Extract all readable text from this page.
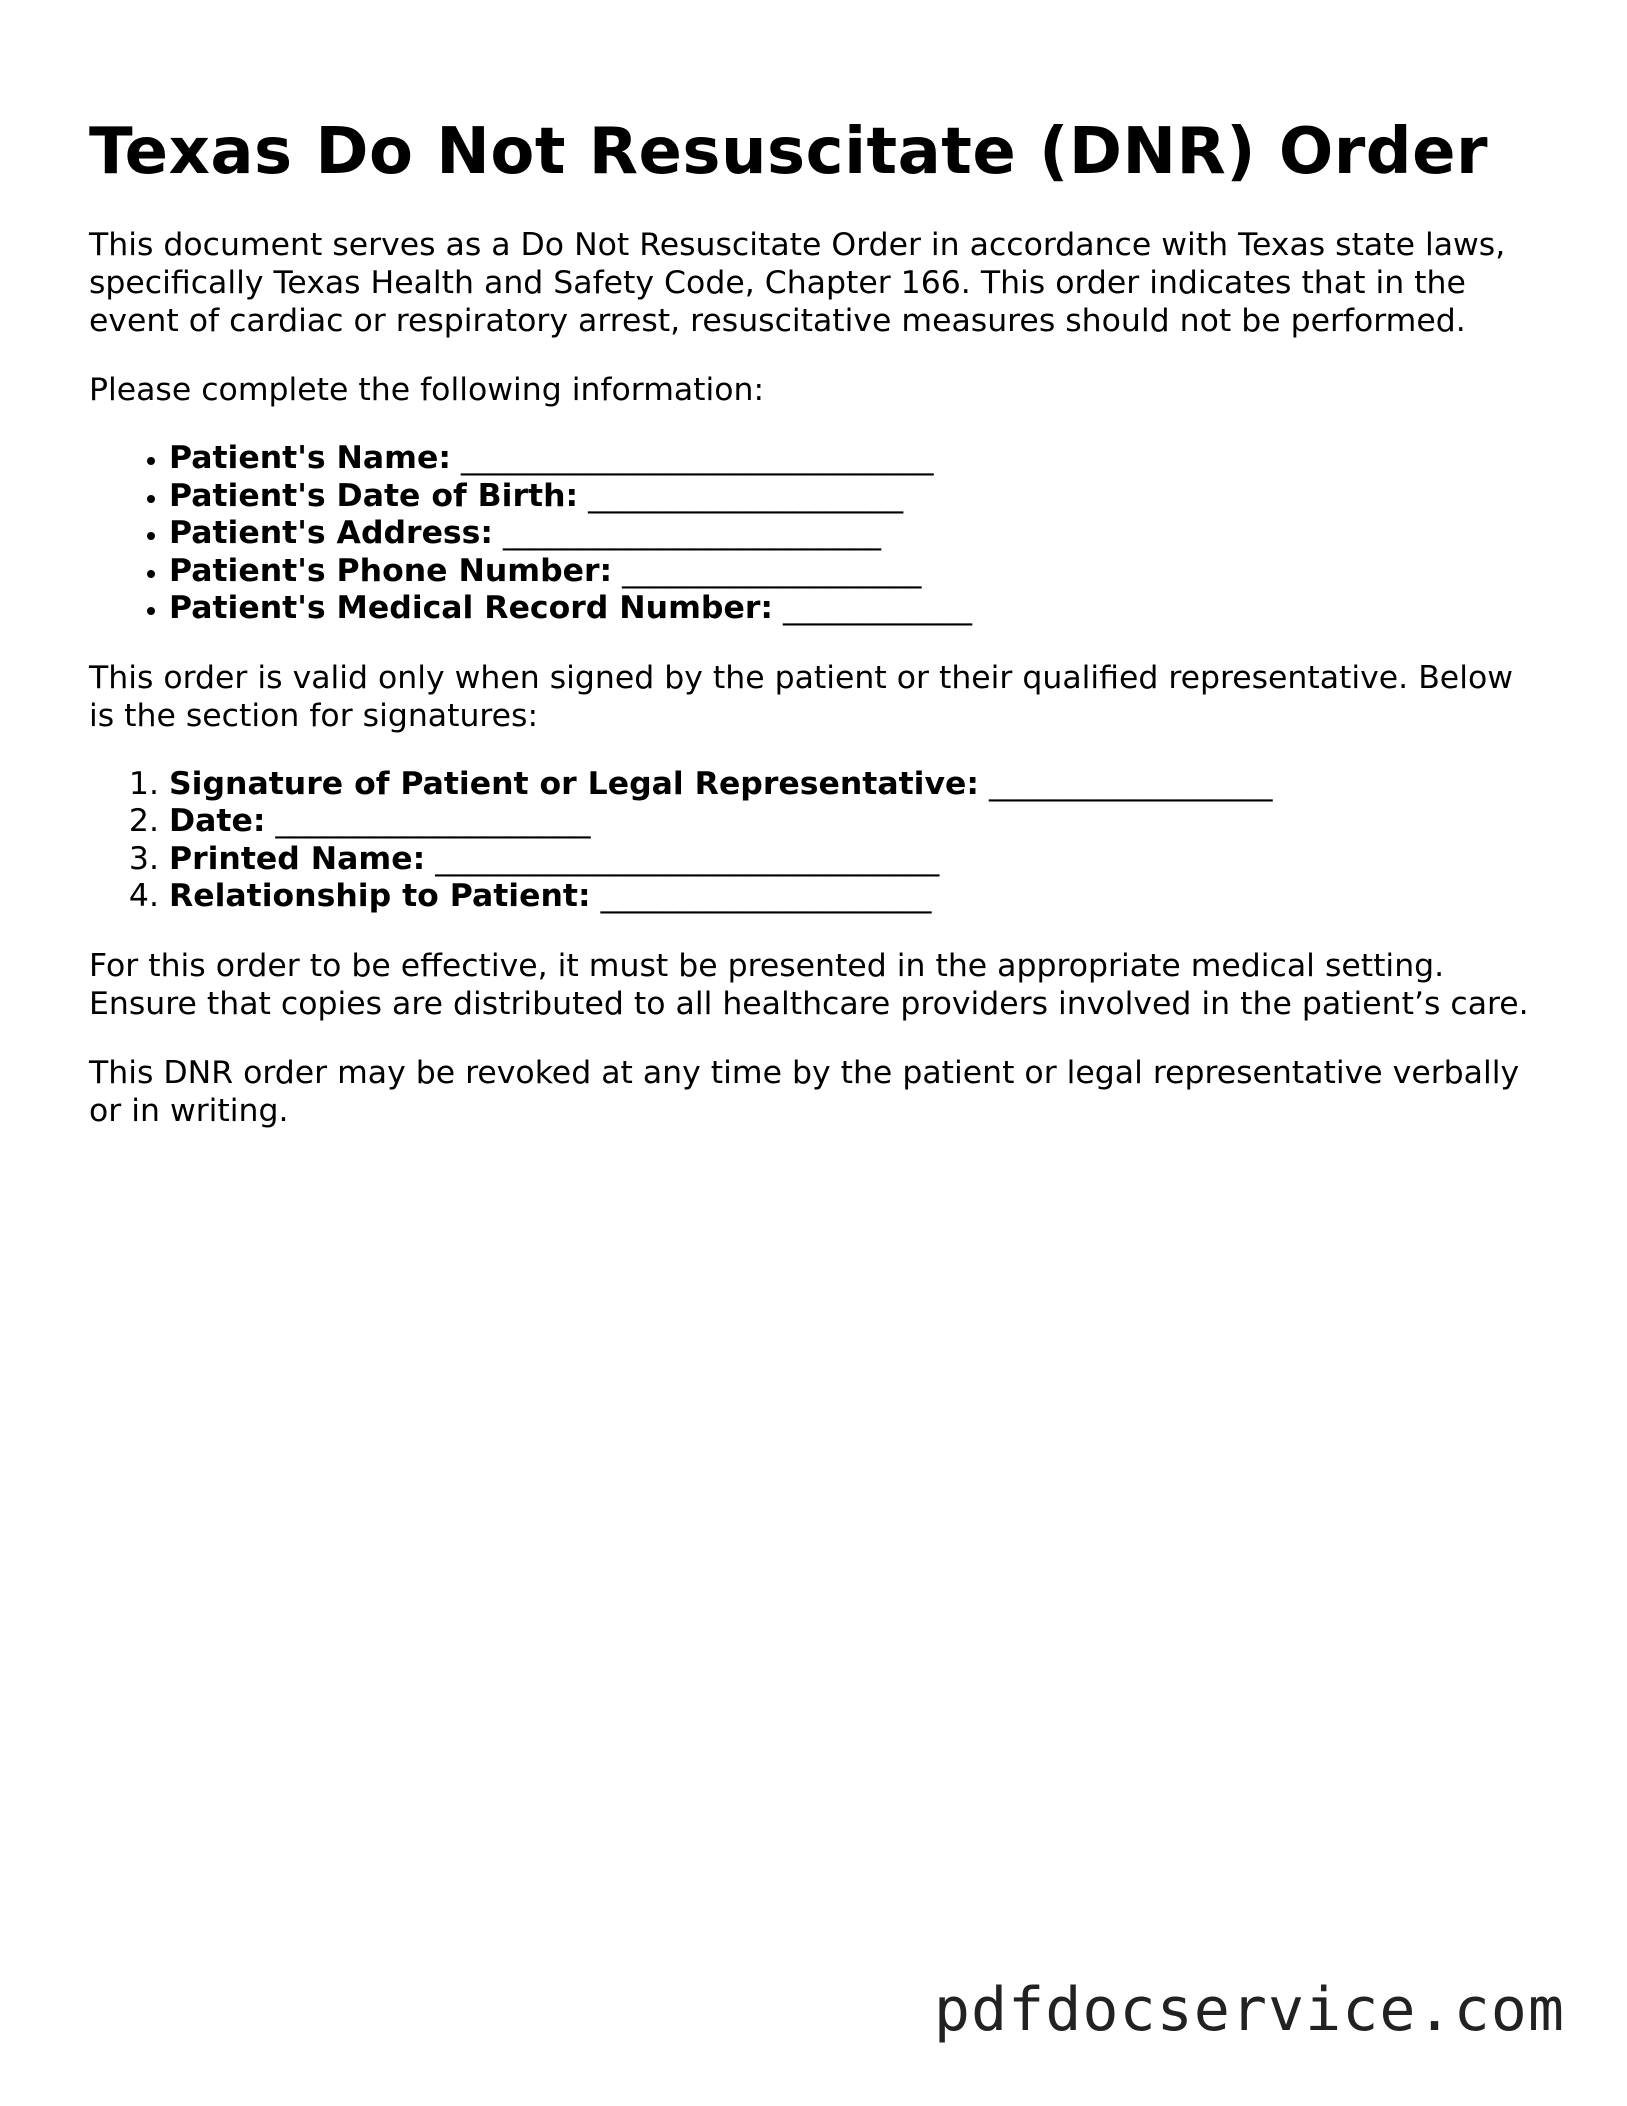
Texas Do Not Resuscitate (DNR) Order

This document serves as a Do Not Resuscitate Order in accordance with Texas state laws, specifically Texas Health and Safety Code, Chapter 166. This order indicates that in the event of cardiac or respiratory arrest, resuscitative measures should not be performed.

Please complete the following information:

• Patient's Name: ______________________________
• Patient's Date of Birth: ____________________
• Patient's Address: ________________________
• Patient's Phone Number: ___________________
• Patient's Medical Record Number: ____________

This order is valid only when signed by the patient or their qualified representative. Below is the section for signatures:

1. Signature of Patient or Legal Representative: __________________
2. Date: ____________________
3. Printed Name: ________________________________
4. Relationship to Patient: _____________________

For this order to be effective, it must be presented in the appropriate medical setting. Ensure that copies are distributed to all healthcare providers involved in the patient’s care.

This DNR order may be revoked at any time by the patient or legal representative verbally or in writing.

pdfdocservice.com
